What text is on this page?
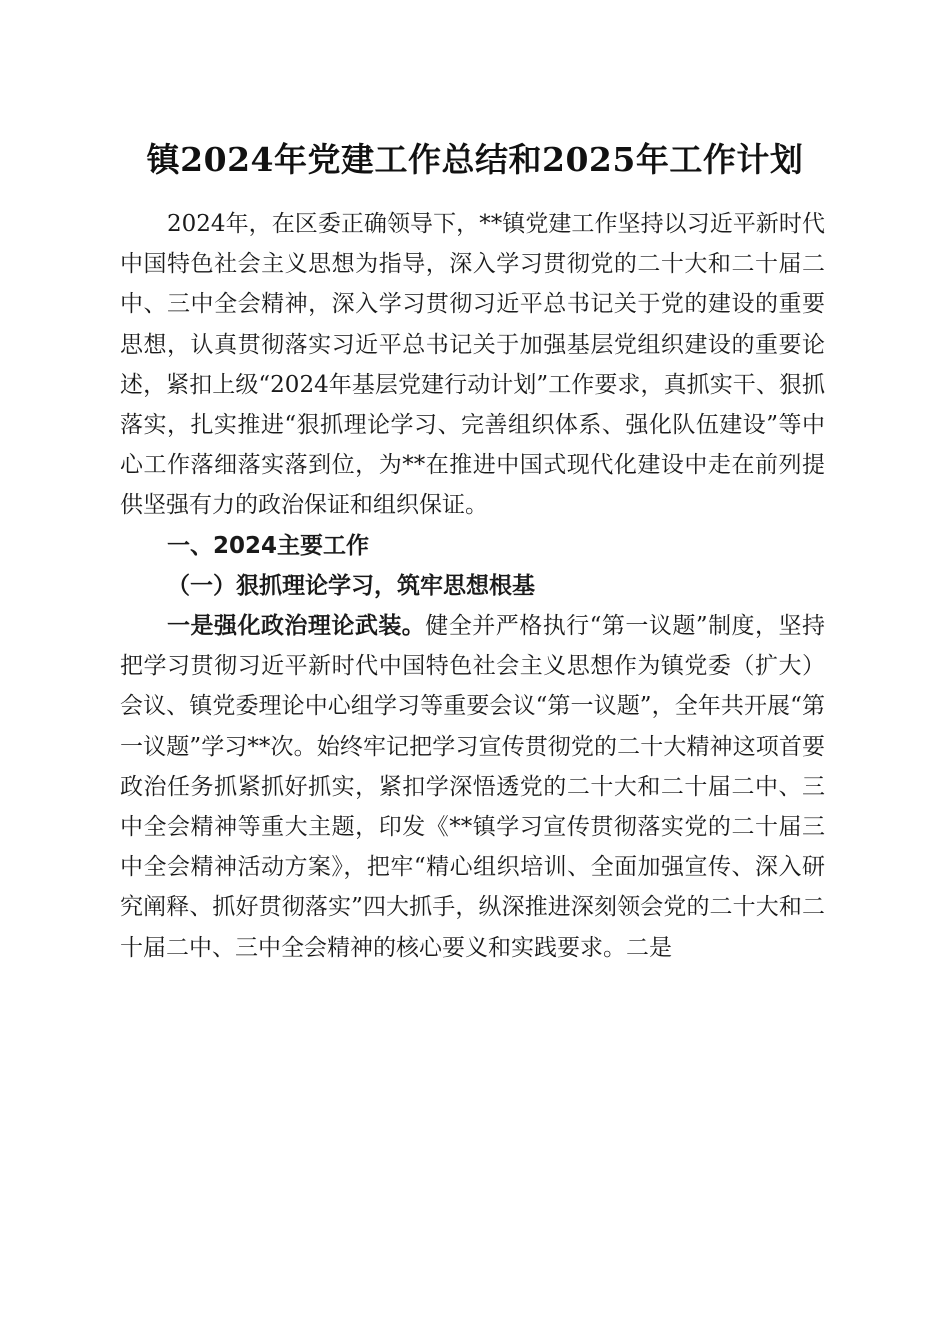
镇2024年党建工作总结和2025年工作计划

2024年，在区委正确领导下，**镇党建工作坚持以习近平新时代中国特色社会主义思想为指导，深入学习贯彻党的二十大和二十届二中、三中全会精神，深入学习贯彻习近平总书记关于党的建设的重要思想，认真贯彻落实习近平总书记关于加强基层党组织建设的重要论述，紧扣上级“2024年基层党建行动计划”工作要求，真抓实干、狠抓落实，扎实推进“狠抓理论学习、完善组织体系、强化队伍建设”等中心工作落细落实落到位，为**在推进中国式现代化建设中走在前列提供坚强有力的政治保证和组织保证。

一、2024主要工作

（一）狠抓理论学习，筑牢思想根基

一是强化政治理论武装。健全并严格执行“第一议题”制度，坚持把学习贯彻习近平新时代中国特色社会主义思想作为镇党委（扩大）会议、镇党委理论中心组学习等重要会议“第一议题”，全年共开展“第一议题”学习**次。始终牢记把学习宣传贯彻党的二十大精神这项首要政治任务抓紧抓好抓实，紧扣学深悟透党的二十大和二十届二中、三中全会精神等重大主题，印发《**镇学习宣传贯彻落实党的二十届三中全会精神活动方案》，把牢“精心组织培训、全面加强宣传、深入研究阐释、抓好贯彻落实”四大抓手，纵深推进深刻领会党的二十大和二十届二中、三中全会精神的核心要义和实践要求。二是
